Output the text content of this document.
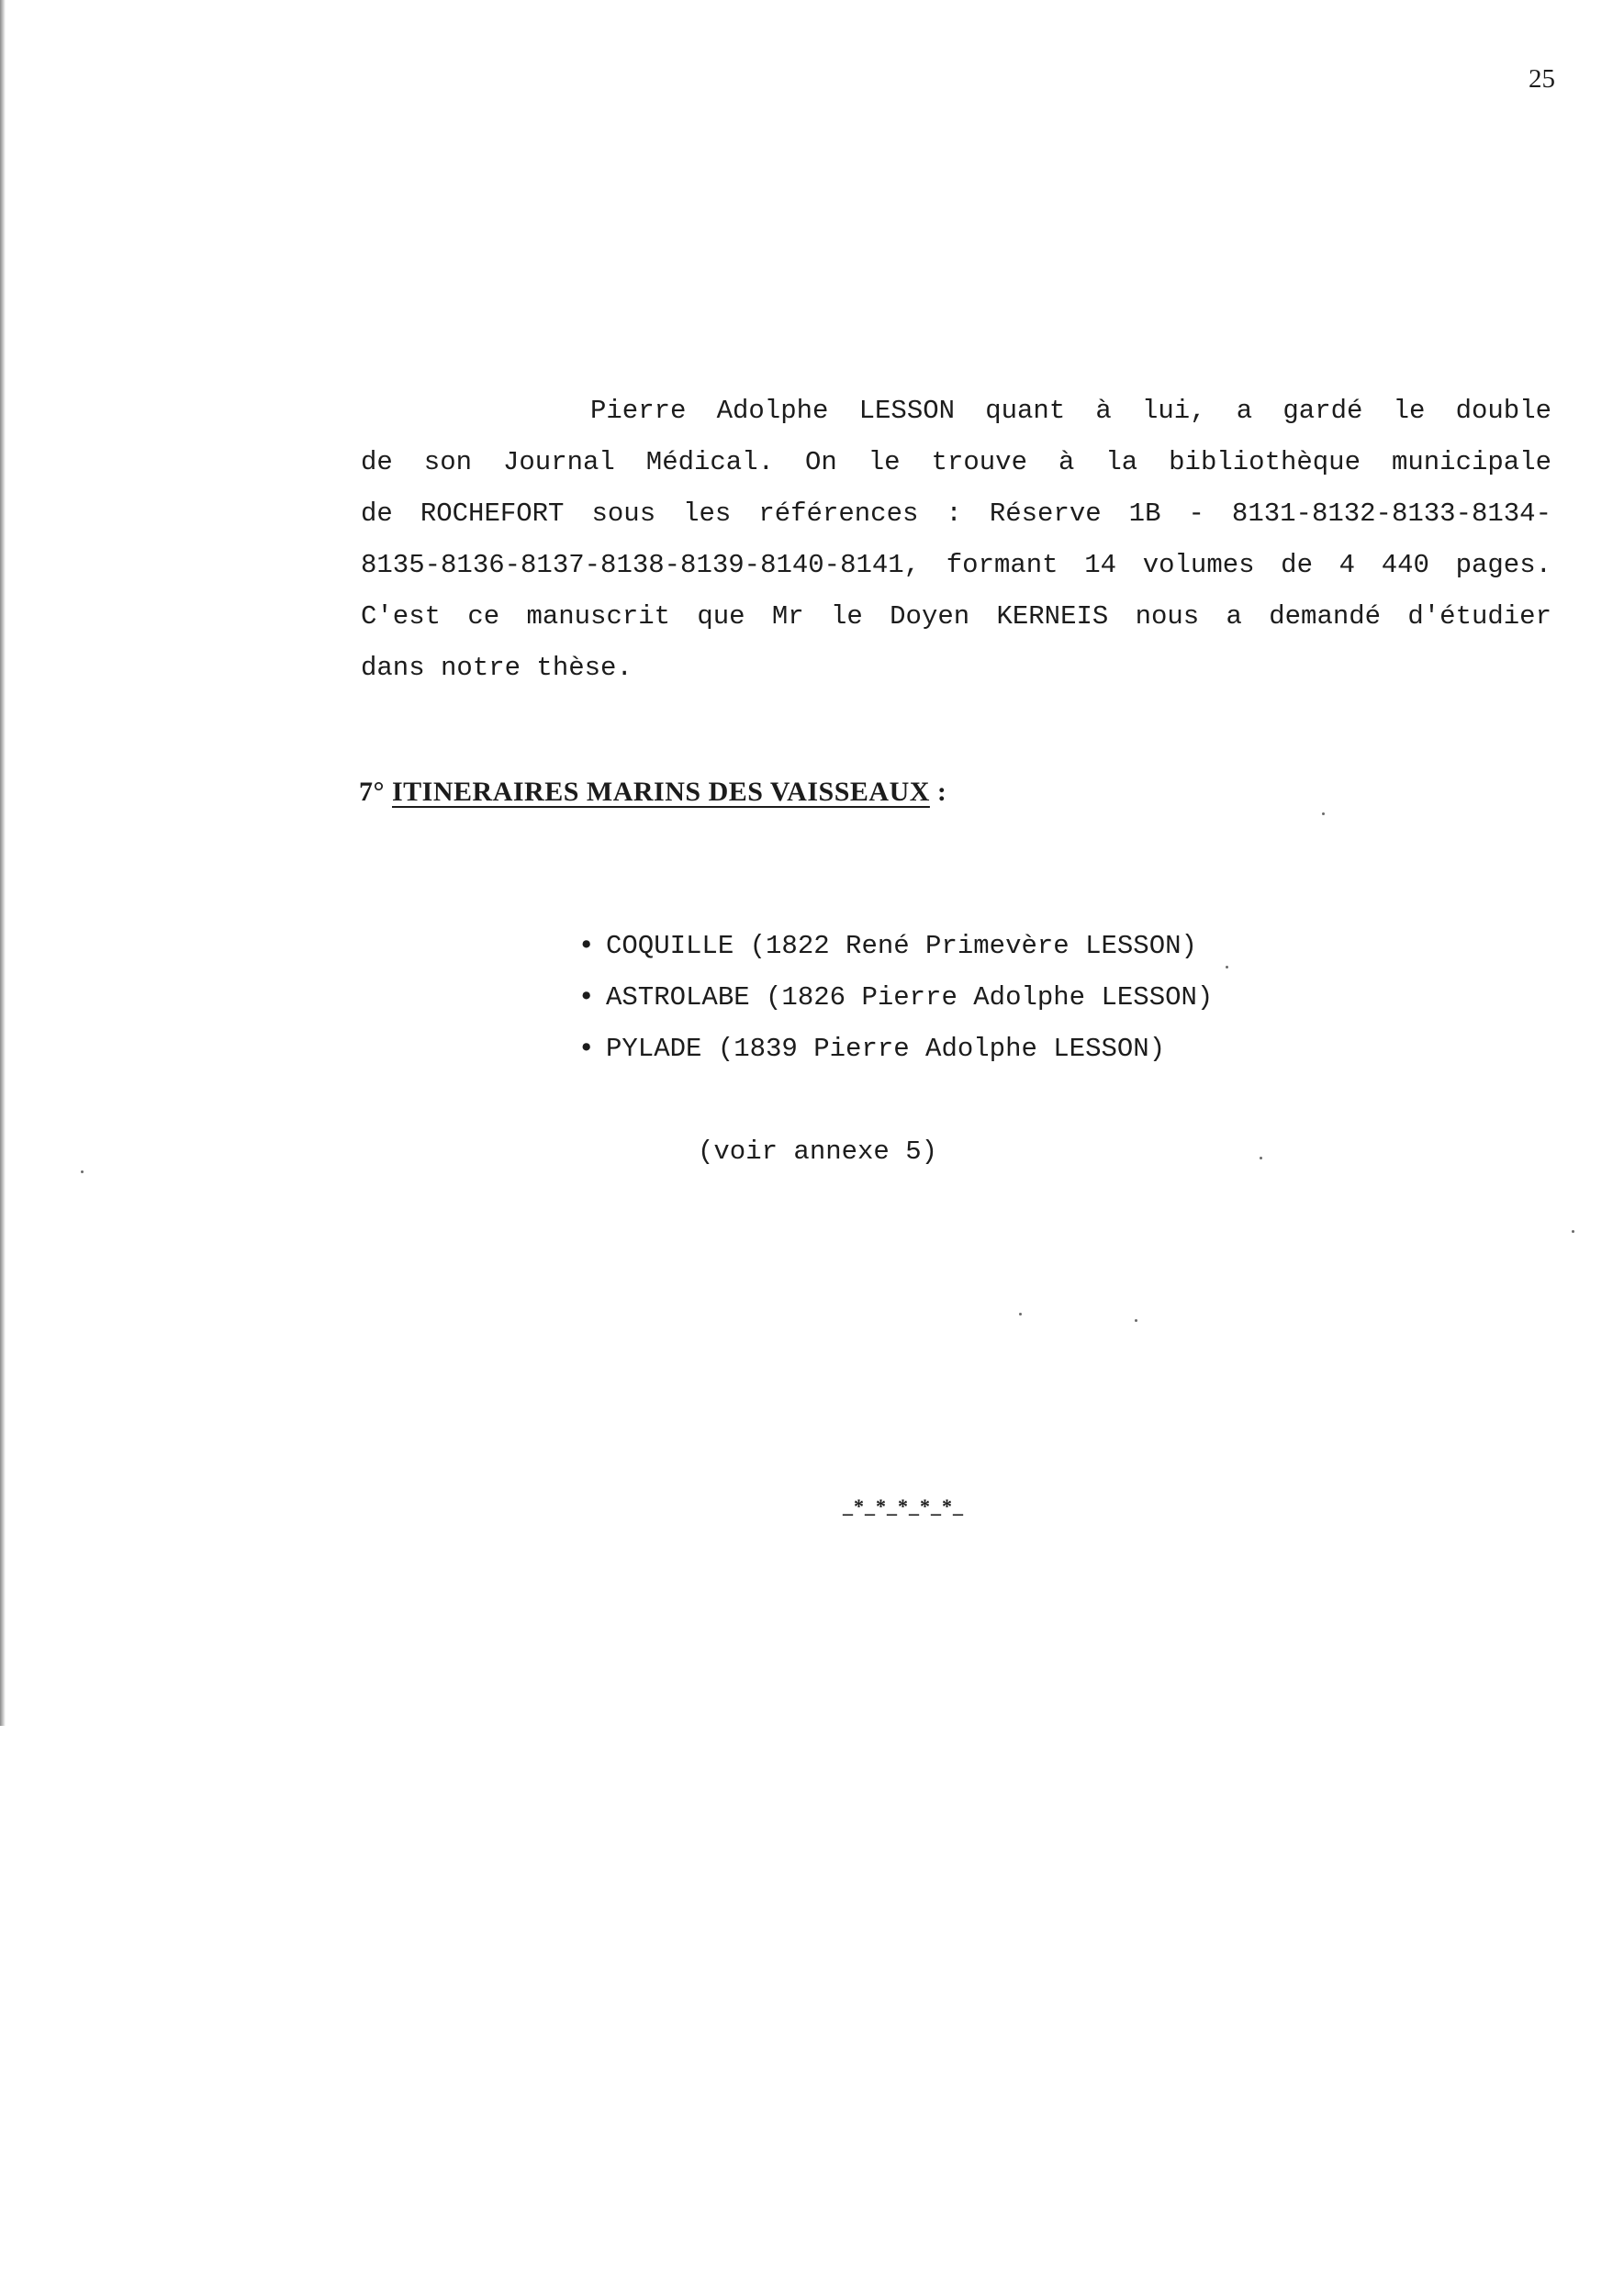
25
Pierre Adolphe LESSON quant à lui, a gardé le double
de son Journal Médical. On le trouve à la bibliothèque municipale
de ROCHEFORT sous les références : Réserve 1B - 8131-8132-8133-8134-
8135-8136-8137-8138-8139-8140-8141, formant 14 volumes de 4 440 pages.
C'est ce manuscrit que Mr le Doyen KERNEIS nous a demandé d'étudier
dans notre thèse.
7° ITINERAIRES MARINS DES VAISSEAUX :
• COQUILLE (1822 René Primevère LESSON)
• ASTROLABE (1826 Pierre Adolphe LESSON)
• PYLADE (1839 Pierre Adolphe LESSON)
(voir annexe 5)
_*_*_*_*_*_
